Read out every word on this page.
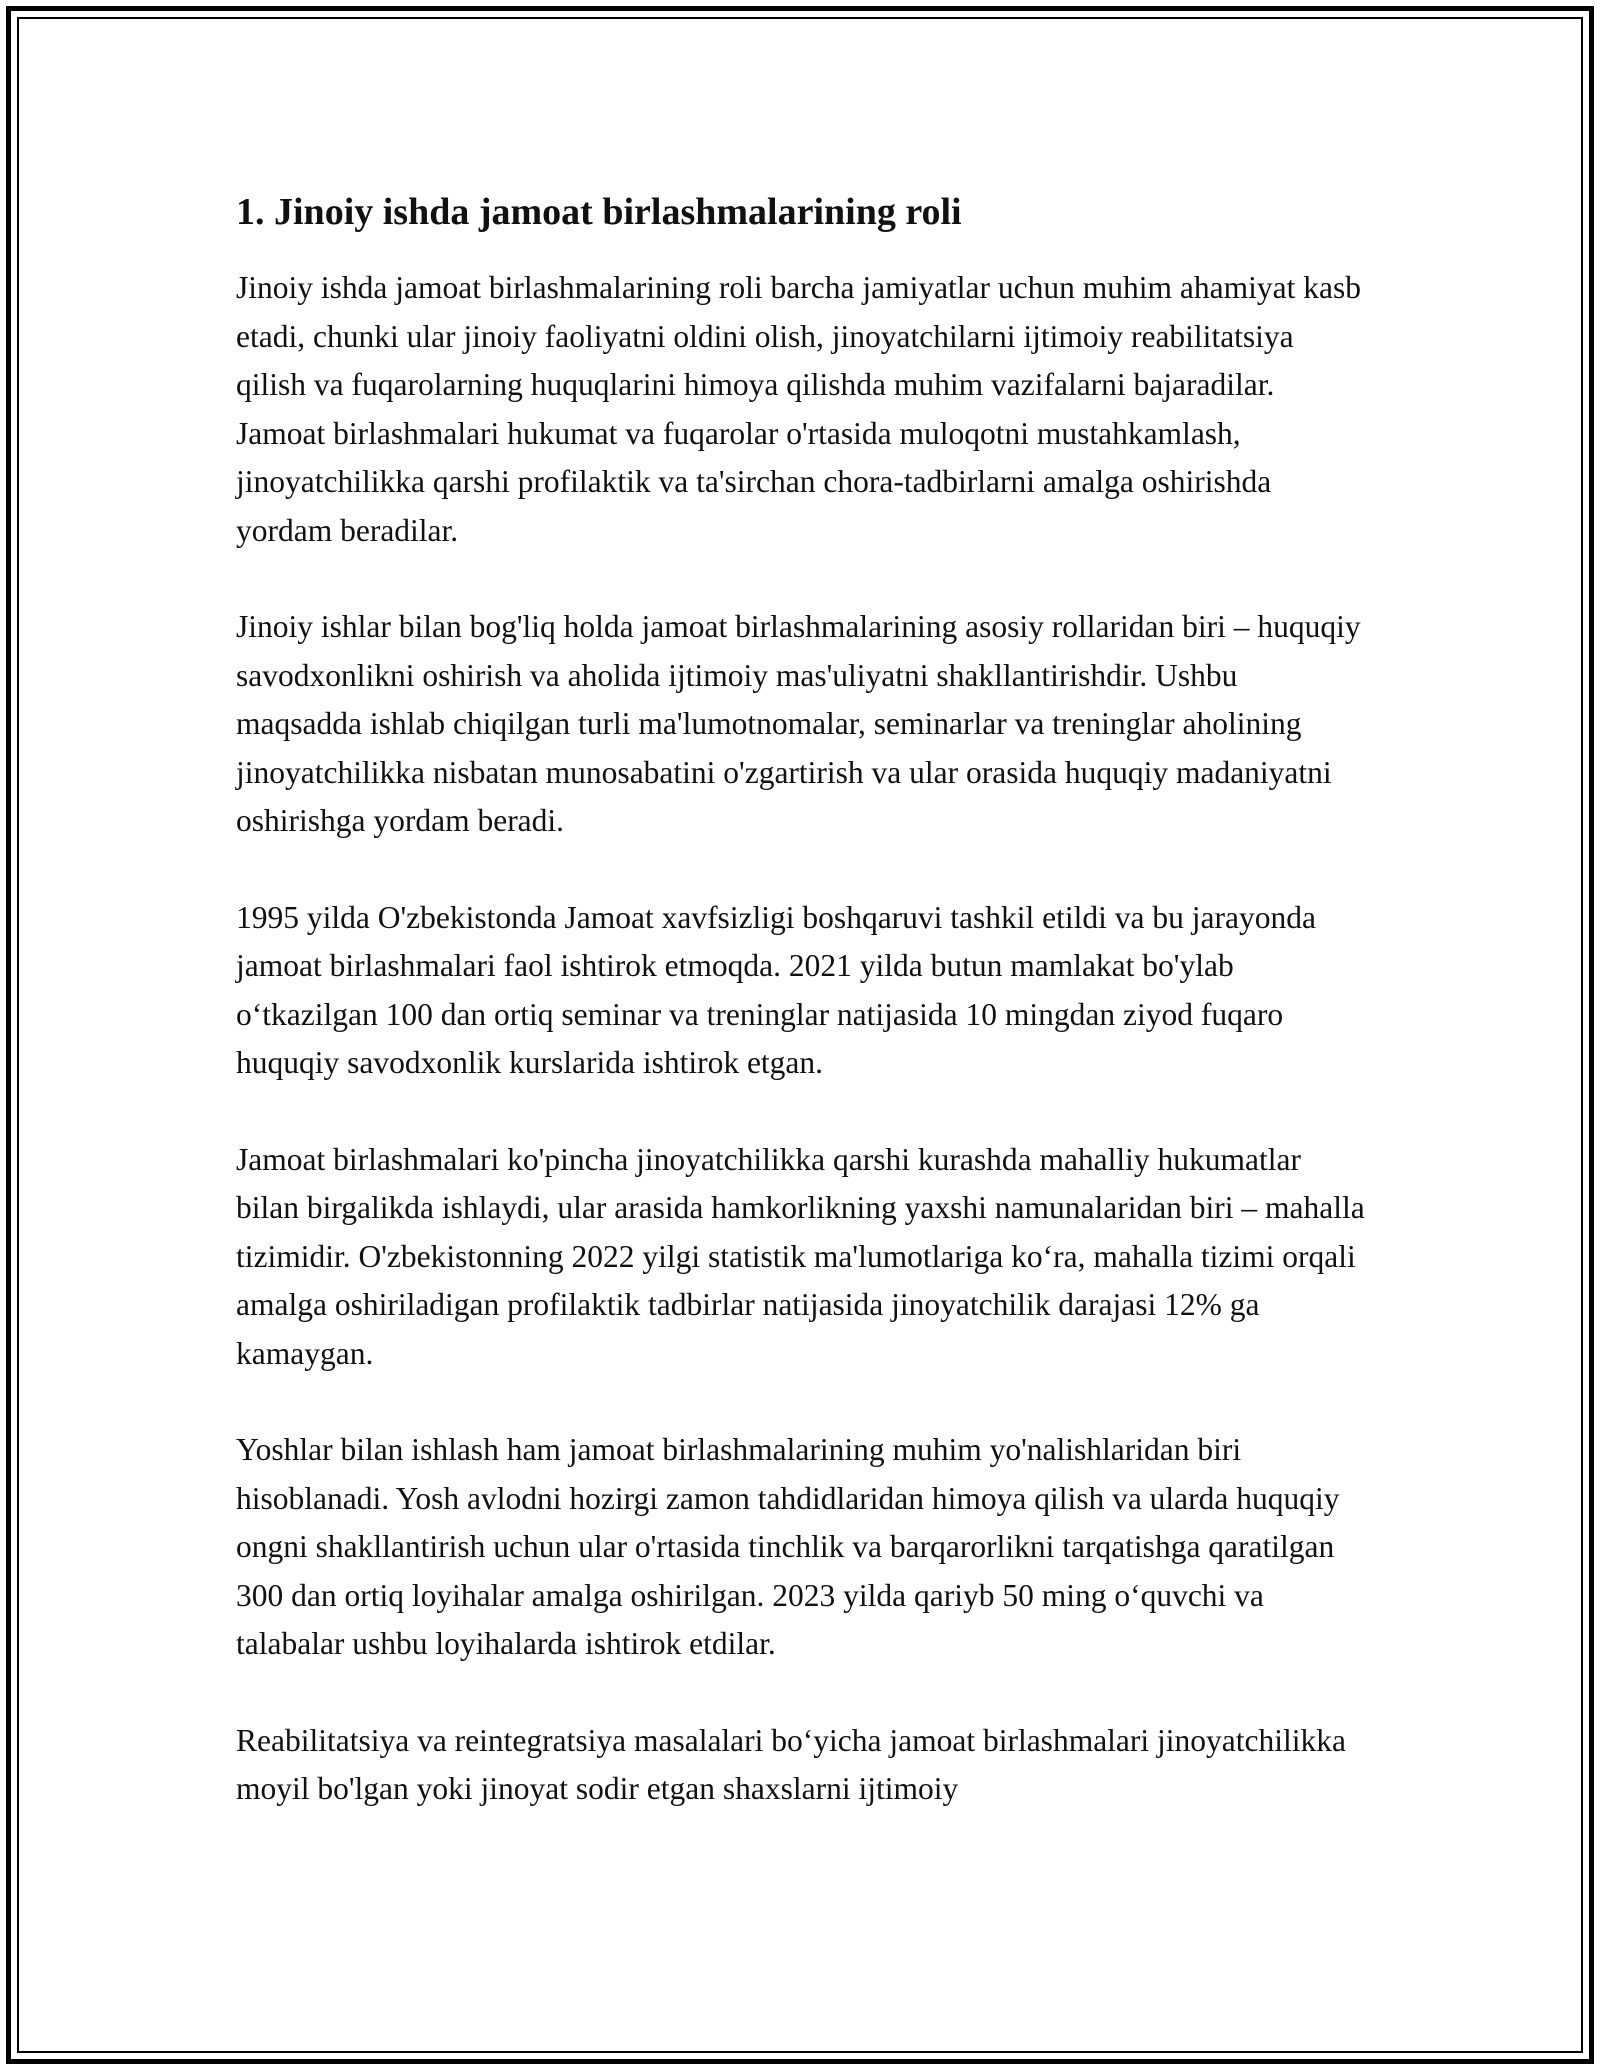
1. Jinoiy ishda jamoat birlashmalarining roli

Jinoiy ishda jamoat birlashmalarining roli barcha jamiyatlar uchun muhim ahamiyat kasb etadi, chunki ular jinoiy faoliyatni oldini olish, jinoyatchilarni ijtimoiy reabilitatsiya qilish va fuqarolarning huquqlarini himoya qilishda muhim vazifalarni bajaradilar. Jamoat birlashmalari hukumat va fuqarolar o'rtasida muloqotni mustahkamlash, jinoyatchilikka qarshi profilaktik va ta'sirchan chora-tadbirlarni amalga oshirishda yordam beradilar.

Jinoiy ishlar bilan bog'liq holda jamoat birlashmalarining asosiy rollaridan biri – huquqiy savodxonlikni oshirish va aholida ijtimoiy mas'uliyatni shakllantirishdir. Ushbu maqsadda ishlab chiqilgan turli ma'lumotnomalar, seminarlar va treninglar aholining jinoyatchilikka nisbatan munosabatini o'zgartirish va ular orasida huquqiy madaniyatni oshirishga yordam beradi.

1995 yilda O'zbekistonda Jamoat xavfsizligi boshqaruvi tashkil etildi va bu jarayonda jamoat birlashmalari faol ishtirok etmoqda. 2021 yilda butun mamlakat bo'ylab o‘tkazilgan 100 dan ortiq seminar va treninglar natijasida 10 mingdan ziyod fuqaro huquqiy savodxonlik kurslarida ishtirok etgan.

Jamoat birlashmalari ko'pincha jinoyatchilikka qarshi kurashda mahalliy hukumatlar bilan birgalikda ishlaydi, ular arasida hamkorlikning yaxshi namunalaridan biri – mahalla tizimidir. O'zbekistonning 2022 yilgi statistik ma'lumotlariga ko‘ra, mahalla tizimi orqali amalga oshiriladigan profilaktik tadbirlar natijasida jinoyatchilik darajasi 12% ga kamaygan.

Yoshlar bilan ishlash ham jamoat birlashmalarining muhim yo'nalishlaridan biri hisoblanadi. Yosh avlodni hozirgi zamon tahdidlaridan himoya qilish va ularda huquqiy ongni shakllantirish uchun ular o'rtasida tinchlik va barqarorlikni tarqatishga qaratilgan 300 dan ortiq loyihalar amalga oshirilgan. 2023 yilda qariyb 50 ming o‘quvchi va talabalar ushbu loyihalarda ishtirok etdilar.

Reabilitatsiya va reintegratsiya masalalari bo‘yicha jamoat birlashmalari jinoyatchilikka moyil bo'lgan yoki jinoyat sodir etgan shaxslarni ijtimoiy
